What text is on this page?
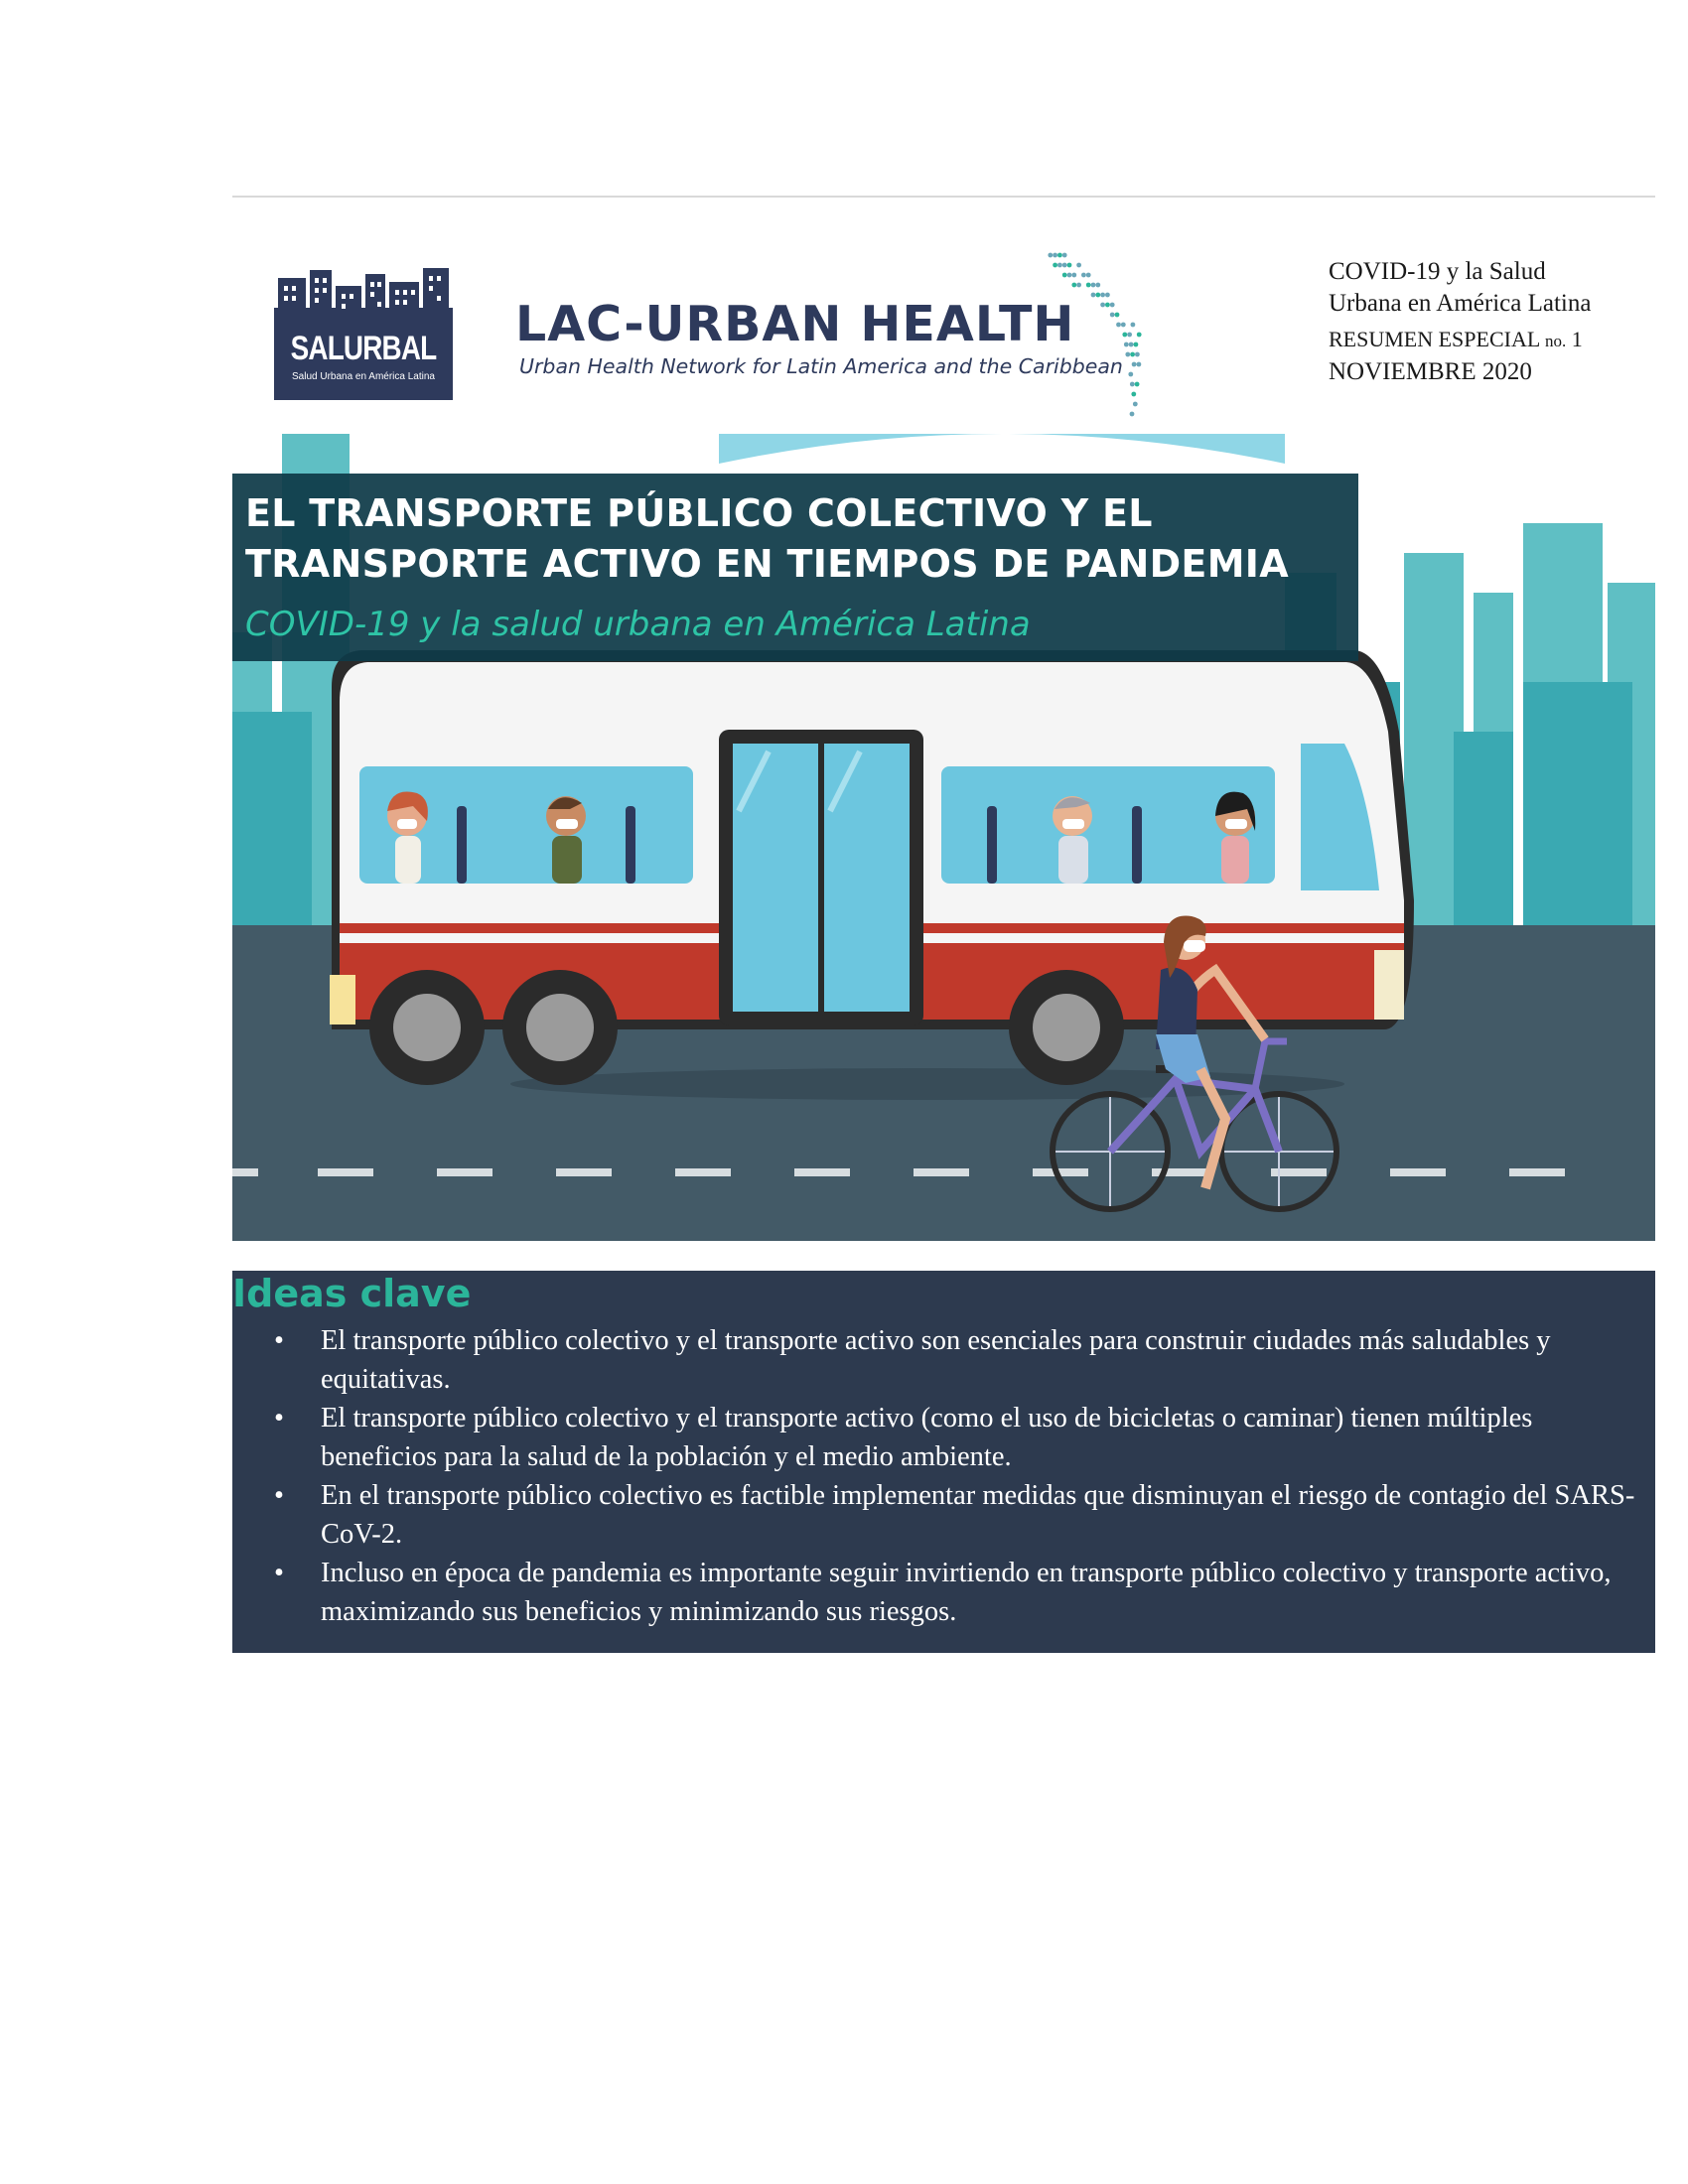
SALURBAL
Salud Urbana en América Latina
LAC-URBAN HEALTH
Urban Health Network for Latin America and the Caribbean
COVID-19 y la Salud
Urbana en América Latina
RESUMEN ESPECIAL no. 1
NOVIEMBRE 2020
EL TRANSPORTE PÚBLICO COLECTIVO Y EL
TRANSPORTE ACTIVO EN TIEMPOS DE PANDEMIA
COVID-19 y la salud urbana en América Latina
Ideas clave
• El transporte público colectivo y el transporte activo son esenciales para construir ciudades más saludables y equitativas.
• El transporte público colectivo y el transporte activo (como el uso de bicicletas o caminar) tienen múltiples beneficios para la salud de la población y el medio ambiente.
• En el transporte público colectivo es factible implementar medidas que disminuyan el riesgo de contagio del SARS-CoV-2.
• Incluso en época de pandemia es importante seguir invirtiendo en transporte público colectivo y transporte activo, maximizando sus beneficios y minimizando sus riesgos.
